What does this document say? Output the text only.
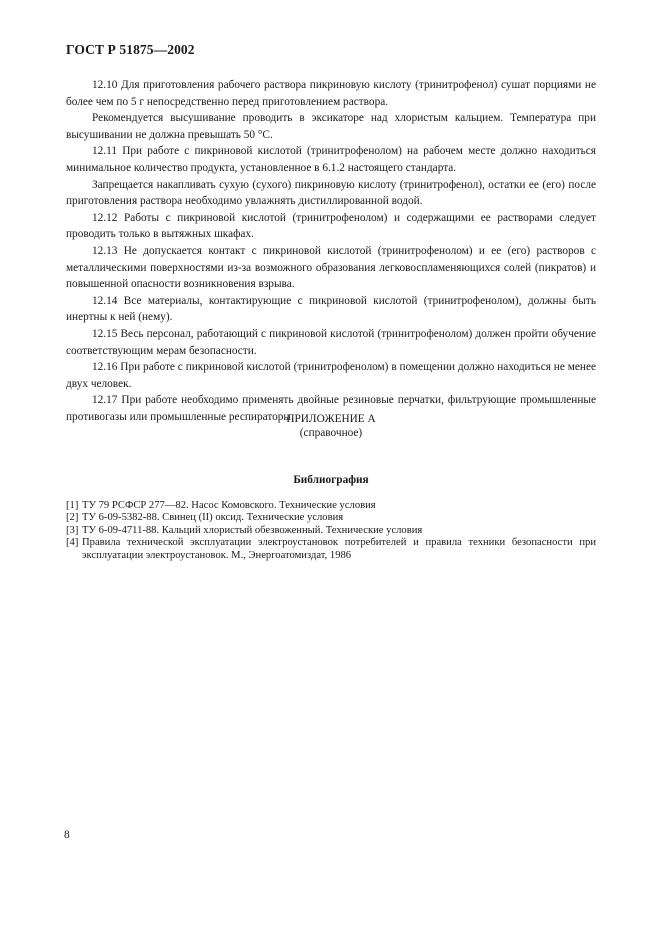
ГОСТ Р 51875—2002

12.10 Для приготовления рабочего раствора пикриновую кислоту (тринитрофенол) сушат порциями не более чем по 5 г непосредственно перед приготовлением раствора.

Рекомендуется высушивание проводить в эксикаторе над хлористым кальцием. Температура при высушивании не должна превышать 50 °С.

12.11 При работе с пикриновой кислотой (тринитрофенолом) на рабочем месте должно находиться минимальное количество продукта, установленное в 6.1.2 настоящего стандарта.

Запрещается накапливать сухую (сухого) пикриновую кислоту (тринитрофенол), остатки ее (его) после приготовления раствора необходимо увлажнять дистиллированной водой.

12.12 Работы с пикриновой кислотой (тринитрофенолом) и содержащими ее растворами следует проводить только в вытяжных шкафах.

12.13 Не допускается контакт с пикриновой кислотой (тринитрофенолом) и ее (его) растворов с металлическими поверхностями из-за возможного образования легковоспламеняющихся солей (пикратов) и повышенной опасности возникновения взрыва.

12.14 Все материалы, контактирующие с пикриновой кислотой (тринитрофенолом), должны быть инертны к ней (нему).

12.15 Весь персонал, работающий с пикриновой кислотой (тринитрофенолом) должен пройти обучение соответствующим мерам безопасности.

12.16 При работе с пикриновой кислотой (тринитрофенолом) в помещении должно находиться не менее двух человек.

12.17 При работе необходимо применять двойные резиновые перчатки, фильтрующие промышленные противогазы или промышленные респираторы.

ПРИЛОЖЕНИЕ А
(справочное)
Библиография
[1] ТУ 79 РСФСР 277—82. Насос Комовского. Технические условия
[2] ТУ 6-09-5382-88. Свинец (II) оксид. Технические условия
[3] ТУ 6-09-4711-88. Кальций хлористый обезвоженный. Технические условия
[4] Правила технической эксплуатации электроустановок потребителей и правила техники безопасности при эксплуатации электроустановок. М., Энергоатомиздат, 1986
8
